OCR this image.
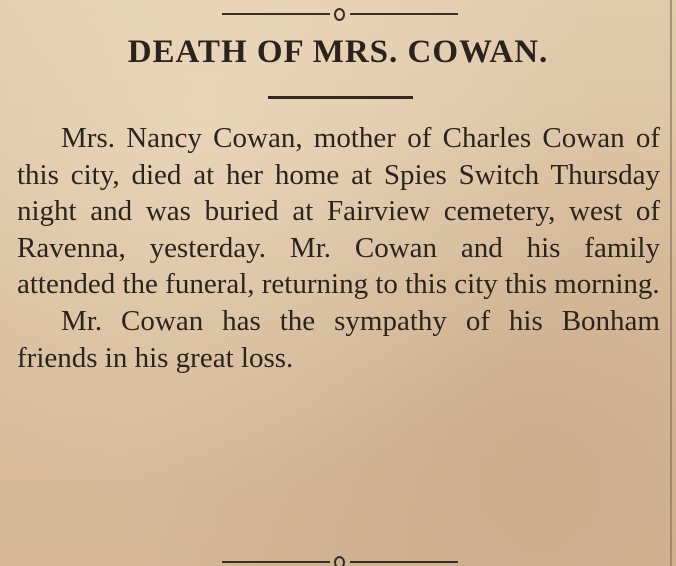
DEATH OF MRS. COWAN.

Mrs. Nancy Cowan, mother of Charles Cowan of this city, died at her home at Spies Switch Thursday night and was buried at Fairview cemetery, west of Ravenna, yesterday. Mr. Cowan and his family attended the funeral, returning to this city this morning.

Mr. Cowan has the sympathy of his Bonham friends in his great loss.
